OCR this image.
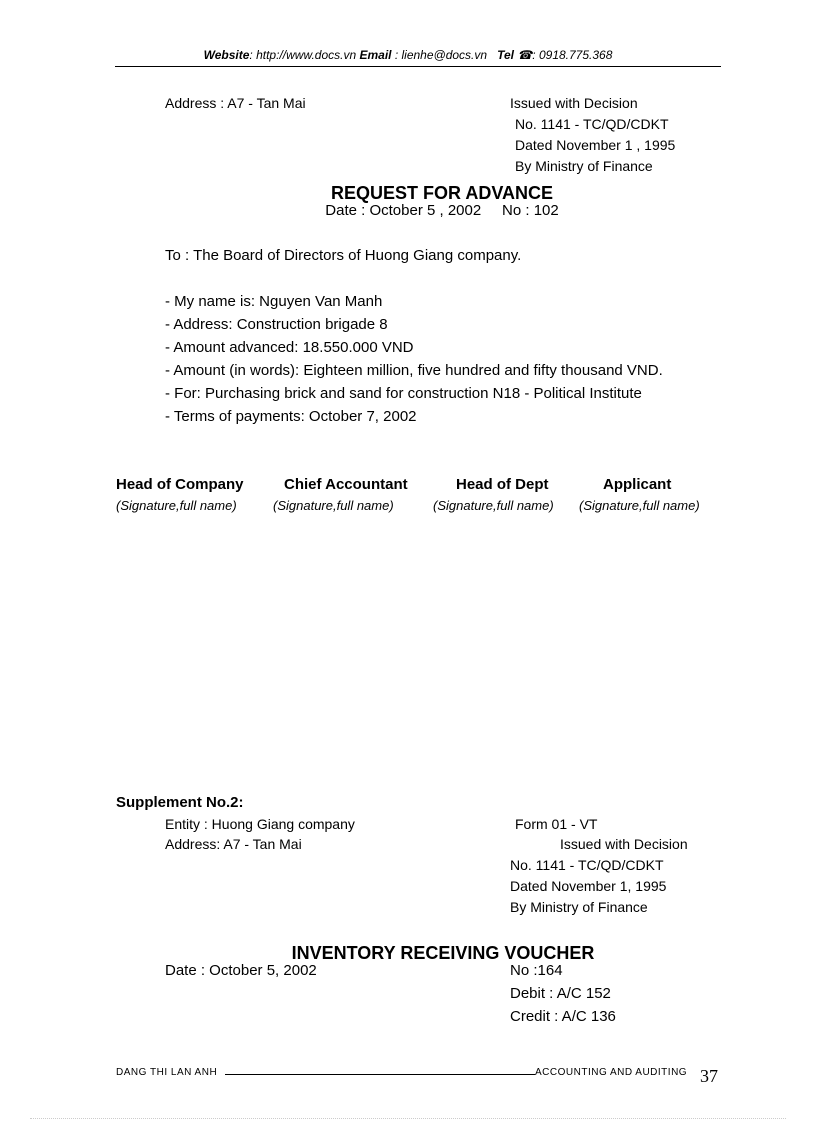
Website: http://www.docs.vn Email : lienhe@docs.vn Tel ☎: 0918.775.368
Address : A7 - Tan Mai	Issued with Decision
No. 1141 - TC/QD/CDKT
Dated November 1 , 1995
By Ministry of Finance
REQUEST FOR ADVANCE
Date : October 5 , 2002     No : 102
To : The Board of Directors of Huong Giang company.
- My name is: Nguyen Van Manh
- Address: Construction brigade 8
- Amount advanced: 18.550.000 VND
- Amount (in words): Eighteen million, five hundred and fifty thousand VND.
- For: Purchasing brick and sand for construction N18 - Political Institute
- Terms of payments: October 7, 2002
Head of Company	Chief Accountant	Head of Dept	Applicant
(Signature,full name)	(Signature,full name)	(Signature,full name) (Signature,full name)
Supplement No.2:
Entity : Huong Giang company
Address: A7 - Tan Mai
Form 01 - VT
Issued with Decision
No. 1141 - TC/QD/CDKT
Dated November 1, 1995
By Ministry of Finance
INVENTORY RECEIVING VOUCHER
Date : October 5, 2002	No :164
Debit : A/C 152
Credit : A/C 136
DANG THI LAN ANH	ACCOUNTING AND AUDITING 37
